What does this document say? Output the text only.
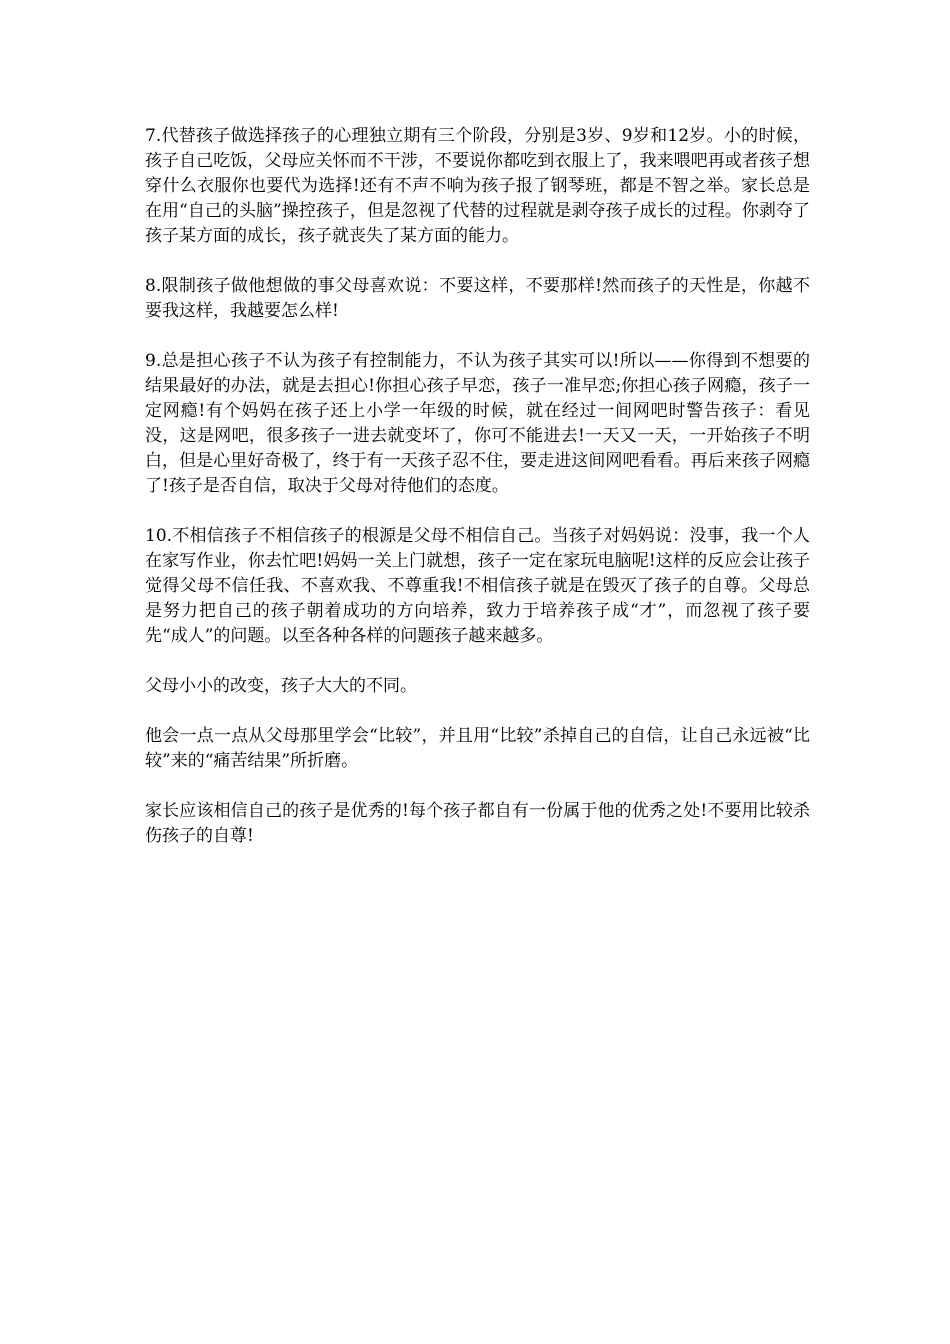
7.代替孩子做选择孩子的心理独立期有三个阶段，分别是3岁、9岁和12岁。小的时候，孩子自己吃饭，父母应关怀而不干涉，不要说你都吃到衣服上了，我来喂吧再或者孩子想穿什么衣服你也要代为选择!还有不声不响为孩子报了钢琴班，都是不智之举。家长总是在用“自己的头脑”操控孩子，但是忽视了代替的过程就是剥夺孩子成长的过程。你剥夺了孩子某方面的成长，孩子就丧失了某方面的能力。

8.限制孩子做他想做的事父母喜欢说：不要这样，不要那样!然而孩子的天性是，你越不要我这样，我越要怎么样!

9.总是担心孩子不认为孩子有控制能力，不认为孩子其实可以!所以——你得到不想要的结果最好的办法，就是去担心!你担心孩子早恋，孩子一准早恋;你担心孩子网瘾，孩子一定网瘾!有个妈妈在孩子还上小学一年级的时候，就在经过一间网吧时警告孩子：看见没，这是网吧，很多孩子一进去就变坏了，你可不能进去!一天又一天，一开始孩子不明白，但是心里好奇极了，终于有一天孩子忍不住，要走进这间网吧看看。再后来孩子网瘾了!孩子是否自信，取决于父母对待他们的态度。

10.不相信孩子不相信孩子的根源是父母不相信自己。当孩子对妈妈说：没事，我一个人在家写作业，你去忙吧!妈妈一关上门就想，孩子一定在家玩电脑呢!这样的反应会让孩子觉得父母不信任我、不喜欢我、不尊重我!不相信孩子就是在毁灭了孩子的自尊。父母总是努力把自己的孩子朝着成功的方向培养，致力于培养孩子成“才”，而忽视了孩子要先“成人”的问题。以至各种各样的问题孩子越来越多。

父母小小的改变，孩子大大的不同。

他会一点一点从父母那里学会“比较”，并且用“比较”杀掉自己的自信，让自己永远被“比较”来的“痛苦结果”所折磨。

家长应该相信自己的孩子是优秀的!每个孩子都自有一份属于他的优秀之处!不要用比较杀伤孩子的自尊!
